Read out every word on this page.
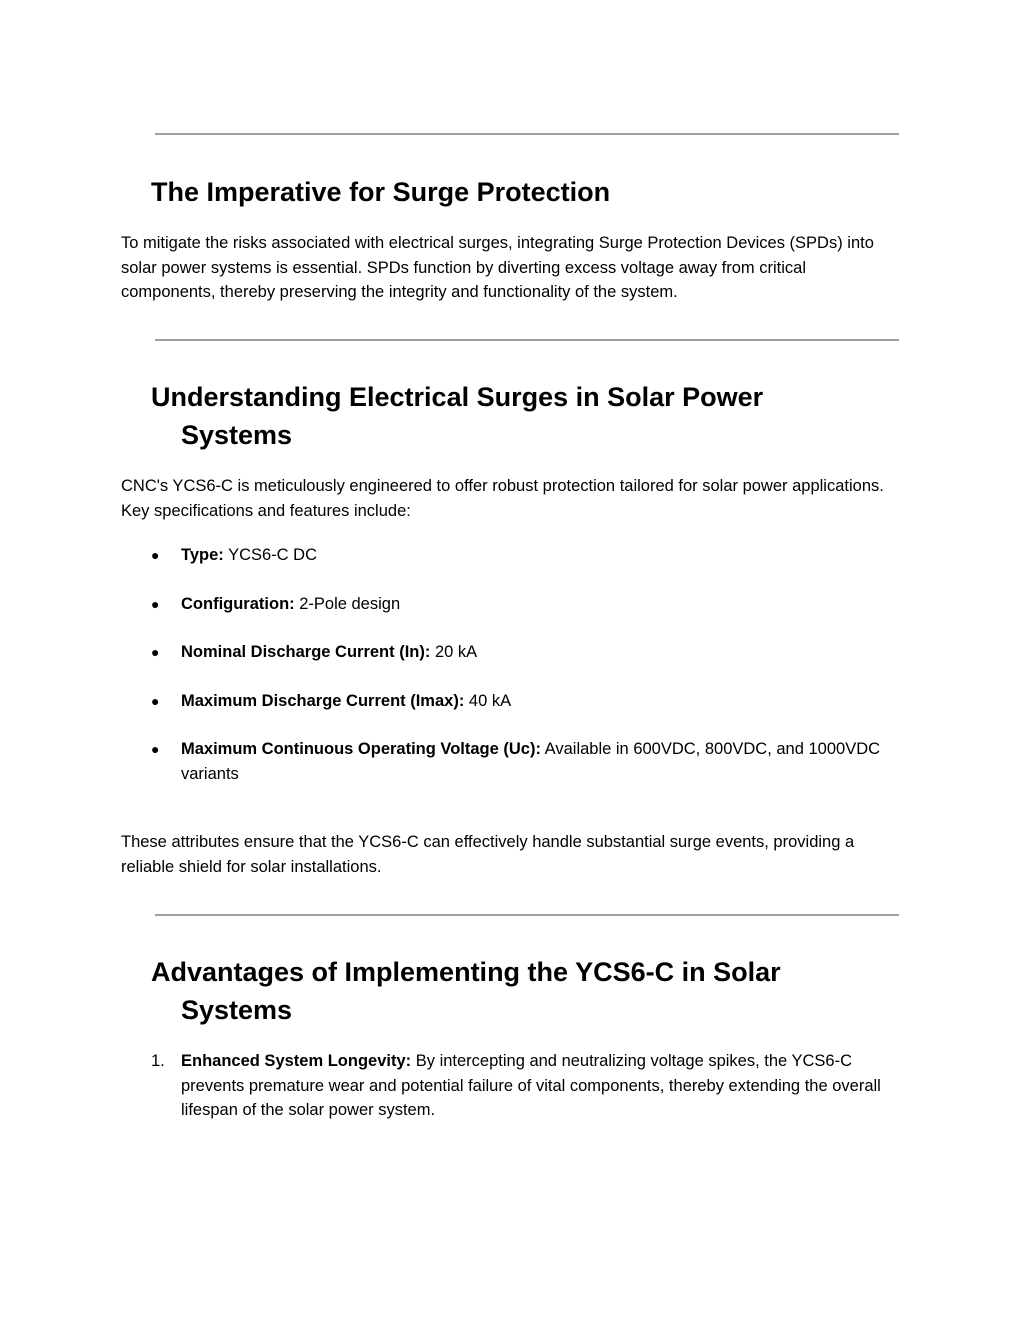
The Imperative for Surge Protection

To mitigate the risks associated with electrical surges, integrating Surge Protection Devices (SPDs) into solar power systems is essential. SPDs function by diverting excess voltage away from critical components, thereby preserving the integrity and functionality of the system.

Understanding Electrical Surges in Solar Power Systems

CNC's YCS6-C is meticulously engineered to offer robust protection tailored for solar power applications. Key specifications and features include:

● Type: YCS6-C DC
● Configuration: 2-Pole design
● Nominal Discharge Current (In): 20 kA
● Maximum Discharge Current (Imax): 40 kA
● Maximum Continuous Operating Voltage (Uc): Available in 600VDC, 800VDC, and 1000VDC variants

These attributes ensure that the YCS6-C can effectively handle substantial surge events, providing a reliable shield for solar installations.

Advantages of Implementing the YCS6-C in Solar Systems
1. Enhanced System Longevity: By intercepting and neutralizing voltage spikes, the YCS6-C prevents premature wear and potential failure of vital components, thereby extending the overall lifespan of the solar power system.
